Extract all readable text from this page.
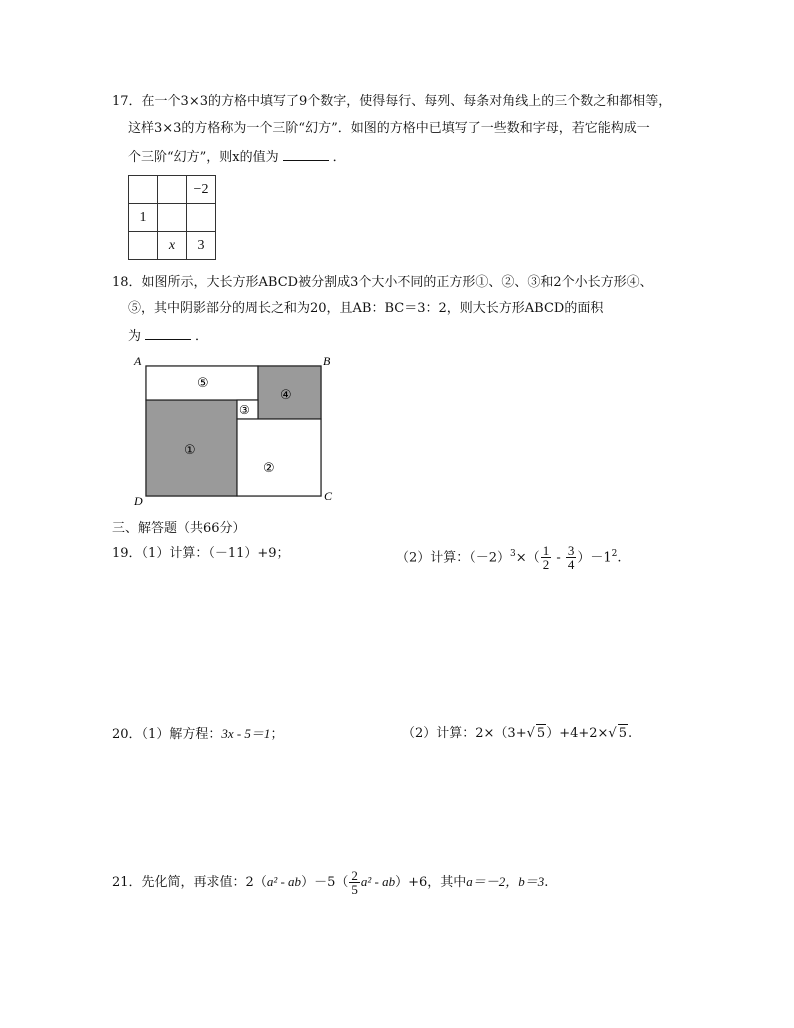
17．在一个3×3的方格中填写了9个数字，使得每行、每列、每条对角线上的三个数之和都相等，
这样3×3的方格称为一个三阶“幻方”．如图的方格中已填写了一些数和字母，若它能构成一
个三阶“幻方”，则x的值为	．
		−2
1		
	x	3
18．如图所示，大长方形ABCD被分割成3个大小不同的正方形①、②、③和2个小长方形④、
⑤，其中阴影部分的周长之和为20，且AB：BC＝3：2，则大长方形ABCD的面积
为	．
A	B
C
D
①
②
③
④
⑤
三、解答题（共66分）
19．（1）计算：（－11）+9；	（2）计算：$(-2)^3\times( \frac{1}{2} - \frac{3}{4} )-1^2$.
20．（1）解方程：3x - 5＝1；	（2）计算：2×（3+√ 5）+4+2×√ 5.
21．先化简，再求值：$2(a^2 - ab)-5( \frac{2}{5} a^2 - ab)+6$，其中a＝－2，b＝3.
